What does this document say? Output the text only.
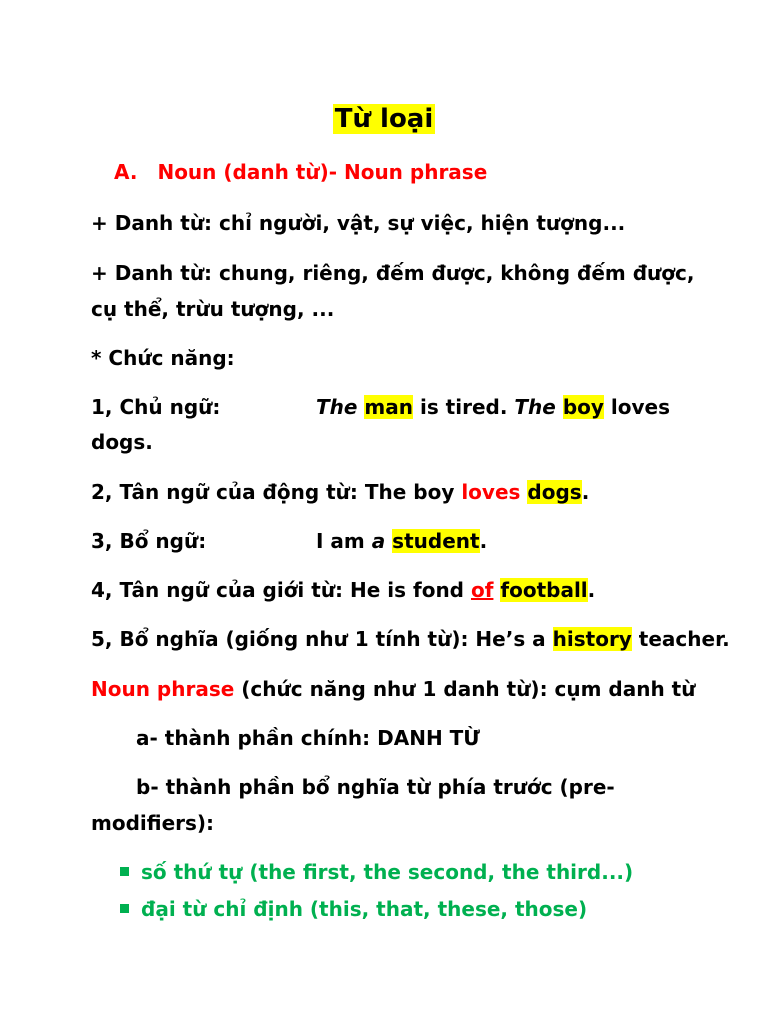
Từ loại
A. Noun (danh từ)- Noun phrase
+ Danh từ: chỉ người, vật, sự việc, hiện tượng...
+ Danh từ: chung, riêng, đếm được, không đếm được,
cụ thể, trừu tượng, ...
* Chức năng:
1, Chủ ngữ:	The man is tired. The boy loves
dogs.
2, Tân ngữ của động từ: The boy loves dogs.
3, Bổ ngữ:	I am a student.
4, Tân ngữ của giới từ: He is fond of football.
5, Bổ nghĩa (giống như 1 tính từ): He’s a history teacher.
Noun phrase (chức năng như 1 danh từ): cụm danh từ
a- thành phần chính: DANH TỪ
b- thành phần bổ nghĩa từ phía trước (pre-
modifiers):
số thứ tự (the first, the second, the third...)
đại từ chỉ định (this, that, these, those)
